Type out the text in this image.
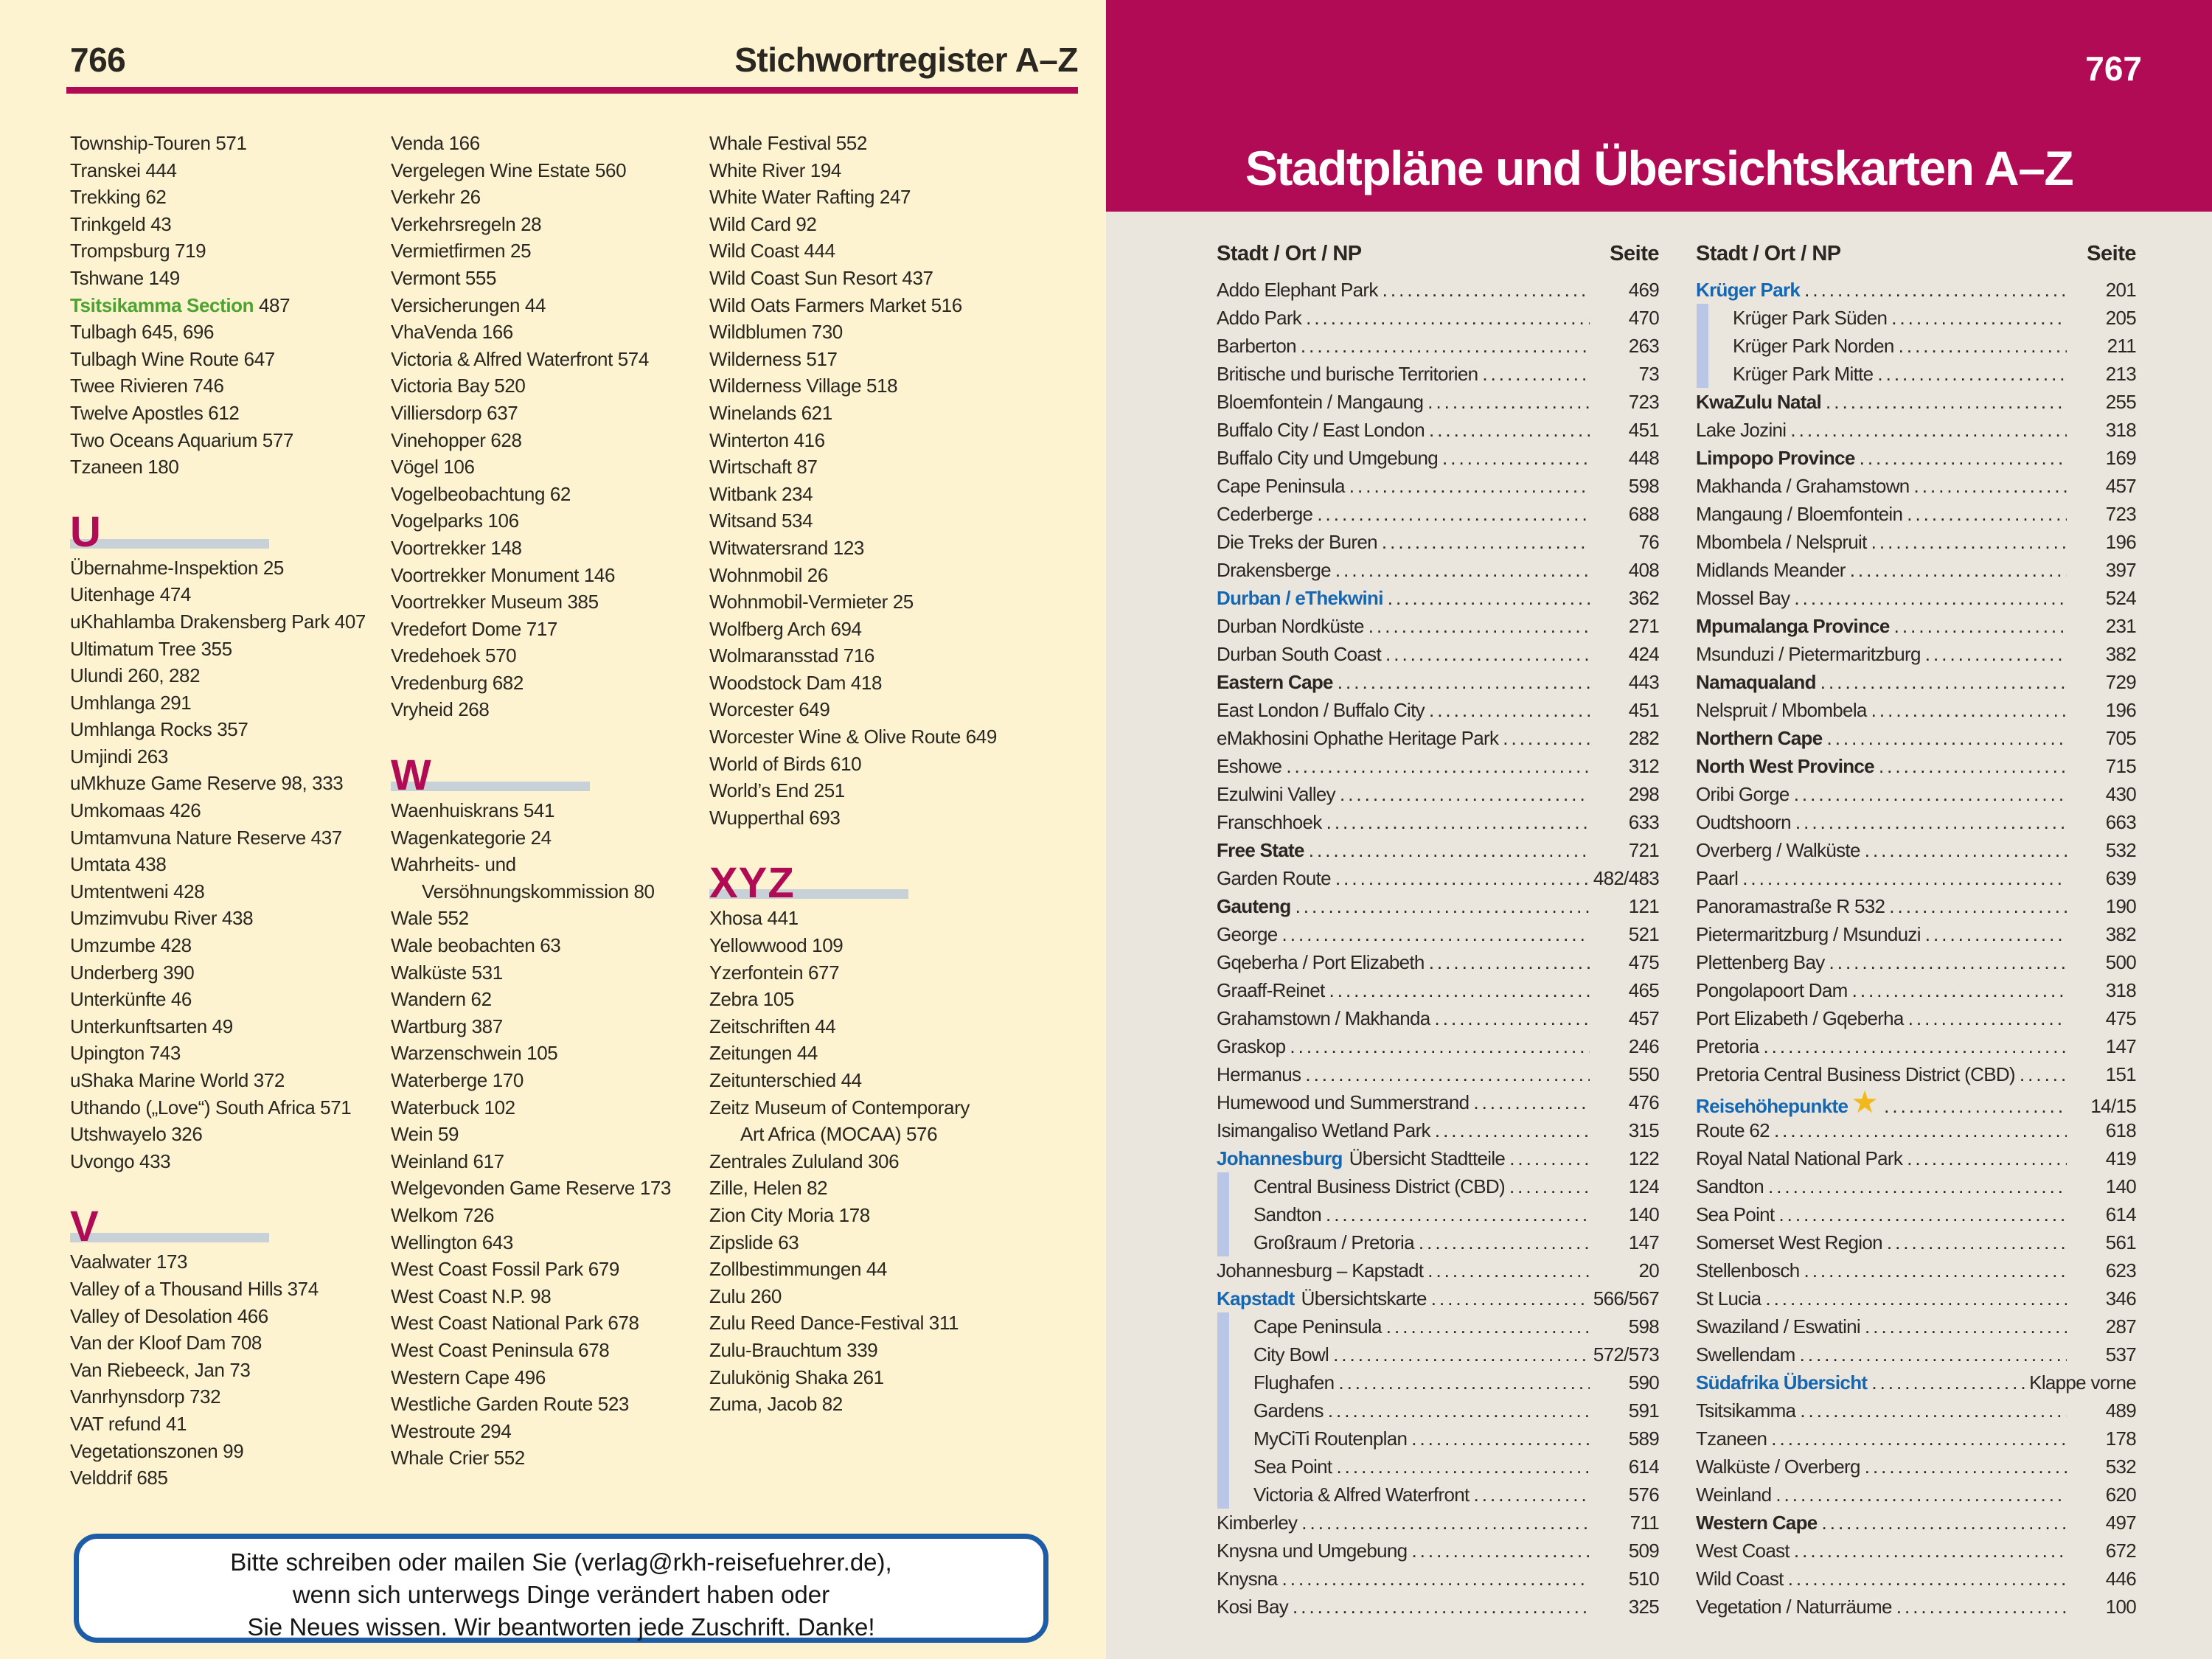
766	Stichwortregister A–Z
Township-Touren 571
Transkei 444
Trekking 62
Trinkgeld 43
Trompsburg 719
Tshwane 149
Tsitsikamma Section 487
Tulbagh 645, 696
Tulbagh Wine Route 647
Twee Rivieren 746
Twelve Apostles 612
Two Oceans Aquarium 577
Tzaneen 180
U
Übernahme-Inspektion 25
Uitenhage 474
uKhahlamba Drakensberg Park 407
Ultimatum Tree 355
Ulundi 260, 282
Umhlanga 291
Umhlanga Rocks 357
Umjindi 263
uMkhuze Game Reserve 98, 333
Umkomaas 426
Umtamvuna Nature Reserve 437
Umtata 438
Umtentweni 428
Umzimvubu River 438
Umzumbe 428
Underberg 390
Unterkünfte 46
Unterkunftsarten 49
Upington 743
uShaka Marine World 372
Uthando („Love“) South Africa 571
Utshwayelo 326
Uvongo 433
V
Vaalwater 173
Valley of a Thousand Hills 374
Valley of Desolation 466
Van der Kloof Dam 708
Van Riebeeck, Jan 73
Vanrhynsdorp 732
VAT refund 41
Vegetationszonen 99
Velddrif 685
Venda 166
Vergelegen Wine Estate 560
Verkehr 26
Verkehrsregeln 28
Vermietfirmen 25
Vermont 555
Versicherungen 44
VhaVenda 166
Victoria & Alfred Waterfront 574
Victoria Bay 520
Villiersdorp 637
Vinehopper 628
Vögel 106
Vogelbeobachtung 62
Vogelparks 106
Voortrekker 148
Voortrekker Monument 146
Voortrekker Museum 385
Vredefort Dome 717
Vredehoek 570
Vredenburg 682
Vryheid 268
W
Waenhuiskrans 541
Wagenkategorie 24
Wahrheits- und
Versöhnungskommission 80
Wale 552
Wale beobachten 63
Walküste 531
Wandern 62
Wartburg 387
Warzenschwein 105
Waterberge 170
Waterbuck 102
Wein 59
Weinland 617
Welgevonden Game Reserve 173
Welkom 726
Wellington 643
West Coast Fossil Park 679
West Coast N.P. 98
West Coast National Park 678
West Coast Peninsula 678
Western Cape 496
Westliche Garden Route 523
Westroute 294
Whale Crier 552
Whale Festival 552
White River 194
White Water Rafting 247
Wild Card 92
Wild Coast 444
Wild Coast Sun Resort 437
Wild Oats Farmers Market 516
Wildblumen 730
Wilderness 517
Wilderness Village 518
Winelands 621
Winterton 416
Wirtschaft 87
Witbank 234
Witsand 534
Witwatersrand 123
Wohnmobil 26
Wohnmobil-Vermieter 25
Wolfberg Arch 694
Wolmaransstad 716
Woodstock Dam 418
Worcester 649
Worcester Wine & Olive Route 649
World of Birds 610
World’s End 251
Wupperthal 693
XYZ
Xhosa 441
Yellowwood 109
Yzerfontein 677
Zebra 105
Zeitschriften 44
Zeitungen 44
Zeitunterschied 44
Zeitz Museum of Contemporary
Art Africa (MOCAA) 576
Zentrales Zululand 306
Zille, Helen 82
Zion City Moria 178
Zipslide 63
Zollbestimmungen 44
Zulu 260
Zulu Reed Dance-Festival 311
Zulu-Brauchtum 339
Zulukönig Shaka 261
Zuma, Jacob 82
Bitte schreiben oder mailen Sie (verlag@rkh-reisefuehrer.de),
wenn sich unterwegs Dinge verändert haben oder
Sie Neues wissen. Wir beantworten jede Zuschrift. Danke!
767
Stadtpläne und Übersichtskarten A–Z
Stadt / Ort / NP	Seite
Addo Elephant Park .....	469
Addo Park .....	470
Barberton .....	263
Britische und burische Territorien .....	73
Bloemfontein / Mangaung .....	723
Buffalo City / East London .....	451
Buffalo City und Umgebung .....	448
Cape Peninsula .....	598
Cederberge .....	688
Die Treks der Buren .....	76
Drakensberge .....	408
Durban / eThekwini .....	362
Durban Nordküste .....	271
Durban South Coast .....	424
Eastern Cape .....	443
East London / Buffalo City .....	451
eMakhosini Ophathe Heritage Park .....	282
Eshowe .....	312
Ezulwini Valley .....	298
Franschhoek .....	633
Free State .....	721
Garden Route .....	482/483
Gauteng .....	121
George .....	521
Gqeberha / Port Elizabeth .....	475
Graaff-Reinet .....	465
Grahamstown / Makhanda .....	457
Graskop .....	246
Hermanus .....	550
Humewood und Summerstrand .....	476
Isimangaliso Wetland Park .....	315
Johannesburg Übersicht Stadtteile .....	122
Central Business District (CBD) .....	124
Sandton .....	140
Großraum / Pretoria .....	147
Johannesburg – Kapstadt .....	20
Kapstadt Übersichtskarte .....	566/567
Cape Peninsula .....	598
City Bowl .....	572/573
Flughafen .....	590
Gardens .....	591
MyCiTi Routenplan .....	589
Sea Point .....	614
Victoria & Alfred Waterfront .....	576
Kimberley .....	711
Knysna und Umgebung .....	509
Knysna .....	510
Kosi Bay .....	325
Stadt / Ort / NP	Seite
Krüger Park .....	201
Krüger Park Süden .....	205
Krüger Park Norden .....	211
Krüger Park Mitte .....	213
KwaZulu Natal .....	255
Lake Jozini .....	318
Limpopo Province .....	169
Makhanda / Grahamstown .....	457
Mangaung / Bloemfontein .....	723
Mbombela / Nelspruit .....	196
Midlands Meander .....	397
Mossel Bay .....	524
Mpumalanga Province .....	231
Msunduzi / Pietermaritzburg .....	382
Namaqualand .....	729
Nelspruit / Mbombela .....	196
Northern Cape .....	705
North West Province .....	715
Oribi Gorge .....	430
Oudtshoorn .....	663
Overberg / Walküste .....	532
Paarl .....	639
Panoramastraße R 532 .....	190
Pietermaritzburg / Msunduzi .....	382
Plettenberg Bay .....	500
Pongolapoort Dam .....	318
Port Elizabeth / Gqeberha .....	475
Pretoria .....	147
Pretoria Central Business District (CBD) .....	151
Reisehöhepunkte ★ .....	14/15
Route 62 .....	618
Royal Natal National Park .....	419
Sandton .....	140
Sea Point .....	614
Somerset West Region .....	561
Stellenbosch .....	623
St Lucia .....	346
Swaziland / Eswatini .....	287
Swellendam .....	537
Südafrika Übersicht .....	Klappe vorne
Tsitsikamma .....	489
Tzaneen .....	178
Walküste / Overberg .....	532
Weinland .....	620
Western Cape .....	497
West Coast .....	672
Wild Coast .....	446
Vegetation / Naturräume .....	100
